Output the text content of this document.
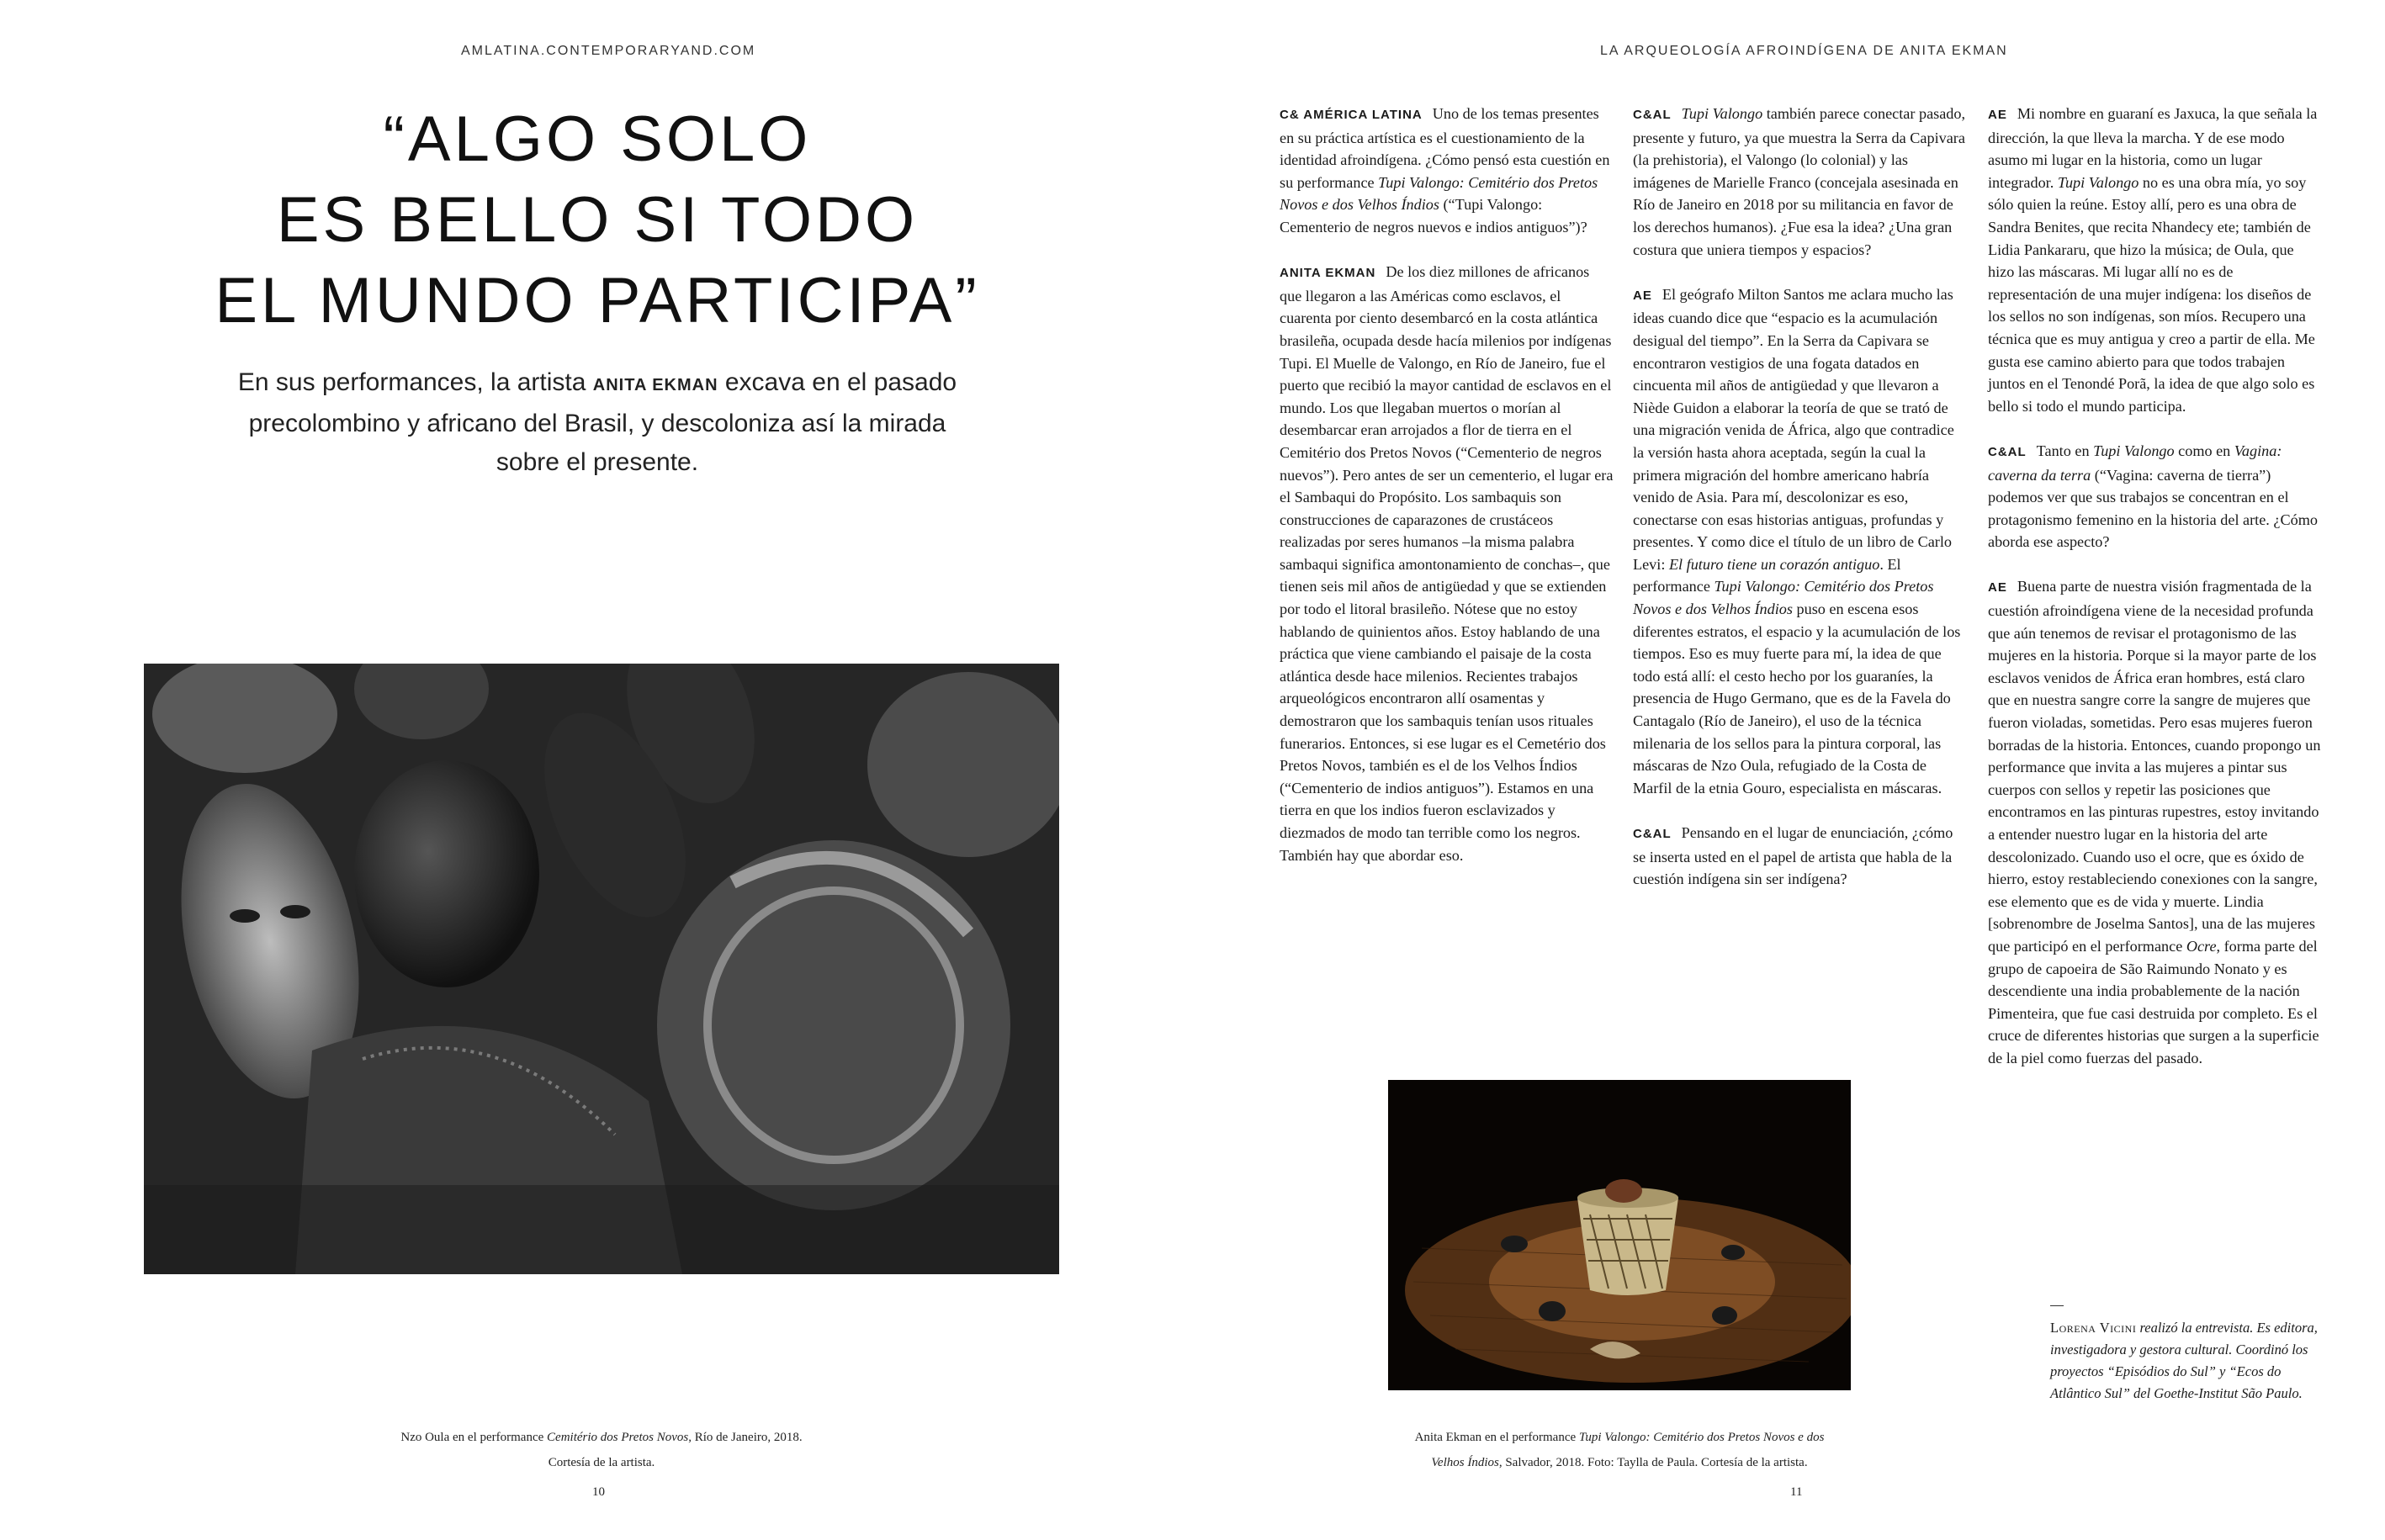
AMLATINA.CONTEMPORARYAND.COM
“ALGO SOLO
ES BELLO SI TODO
EL MUNDO PARTICIPA”

En sus performances, la artista ANITA EKMAN excava en el pasado precolombino y africano del Brasil, y descoloniza así la mirada sobre el presente.

Nzo Oula en el performance Cemitério dos Pretos Novos, Río de Janeiro, 2018.
Cortesía de la artista.
10
LA ARQUEOLOGÍA AFROINDÍGENA DE ANITA EKMAN

C& AMÉRICA LATINA Uno de los temas presentes en su práctica artística es el cuestionamiento de la identidad afroindígena. ¿Cómo pensó esta cuestión en su performance Tupi Valongo: Cemitério dos Pretos Novos e dos Velhos Índios (“Tupi Valongo: Cementerio de negros nuevos e indios antiguos”)?

ANITA EKMAN De los diez millones de africanos que llegaron a las Américas como esclavos, el cuarenta por ciento desembarcó en la costa atlántica brasileña, ocupada desde hacía milenios por indígenas Tupi. El Muelle de Valongo, en Río de Janeiro, fue el puerto que recibió la mayor cantidad de esclavos en el mundo. Los que llegaban muertos o morían al desembarcar eran arrojados a flor de tierra en el Cemitério dos Pretos Novos (“Cementerio de negros nuevos”). Pero antes de ser un cementerio, el lugar era el Sambaqui do Propósito. Los sambaquis son construcciones de caparazones de crustáceos realizadas por seres humanos –la misma palabra sambaqui significa amontonamiento de conchas–, que tienen seis mil años de antigüedad y que se extienden por todo el litoral brasileño. Nótese que no estoy hablando de quinientos años. Estoy hablando de una práctica que viene cambiando el paisaje de la costa atlántica desde hace milenios. Recientes trabajos arqueológicos encontraron allí osamentas y demostraron que los sambaquis tenían usos rituales funerarios. Entonces, si ese lugar es el Cemetério dos Pretos Novos, también es el de los Velhos Índios (“Cementerio de indios antiguos”). Estamos en una tierra en que los indios fueron esclavizados y diezmados de modo tan terrible como los negros. También hay que abordar eso.

C&AL Tupi Valongo también parece conectar pasado, presente y futuro, ya que muestra la Serra da Capivara (la prehistoria), el Valongo (lo colonial) y las imágenes de Marielle Franco (concejala asesinada en Río de Janeiro en 2018 por su militancia en favor de los derechos humanos). ¿Fue esa la idea? ¿Una gran costura que uniera tiempos y espacios?

AE El geógrafo Milton Santos me aclara mucho las ideas cuando dice que “espacio es la acumulación desigual del tiempo”. En la Serra da Capivara se encontraron vestigios de una fogata datados en cincuenta mil años de antigüedad y que llevaron a Niède Guidon a elaborar la teoría de que se trató de una migración venida de África, algo que contradice la versión hasta ahora aceptada, según la cual la primera migración del hombre americano habría venido de Asia. Para mí, descolonizar es eso, conectarse con esas historias antiguas, profundas y presentes. Y como dice el título de un libro de Carlo Levi: El futuro tiene un corazón antiguo. El performance Tupi Valongo: Cemitério dos Pretos Novos e dos Velhos Índios puso en escena esos diferentes estratos, el espacio y la acumulación de los tiempos. Eso es muy fuerte para mí, la idea de que todo está allí: el cesto hecho por los guaraníes, la presencia de Hugo Germano, que es de la Favela do Cantagalo (Río de Janeiro), el uso de la técnica milenaria de los sellos para la pintura corporal, las máscaras de Nzo Oula, refugiado de la Costa de Marfil de la etnia Gouro, especialista en máscaras.

C&AL Pensando en el lugar de enunciación, ¿cómo se inserta usted en el papel de artista que habla de la cuestión indígena sin ser indígena?

AE Mi nombre en guaraní es Jaxuca, la que señala la dirección, la que lleva la marcha. Y de ese modo asumo mi lugar en la historia, como un lugar integrador. Tupi Valongo no es una obra mía, yo soy sólo quien la reúne. Estoy allí, pero es una obra de Sandra Benites, que recita Nhandecy ete; también de Lidia Pankararu, que hizo la música; de Oula, que hizo las máscaras. Mi lugar allí no es de representación de una mujer indígena: los diseños de los sellos no son indígenas, son míos. Recupero una técnica que es muy antigua y creo a partir de ella. Me gusta ese camino abierto para que todos trabajen juntos en el Tenondé Porã, la idea de que algo solo es bello si todo el mundo participa.

C&AL Tanto en Tupi Valongo como en Vagina: caverna da terra (“Vagina: caverna de tierra”) podemos ver que sus trabajos se concentran en el protagonismo femenino en la historia del arte. ¿Cómo aborda ese aspecto?

AE Buena parte de nuestra visión fragmentada de la cuestión afroindígena viene de la necesidad profunda que aún tenemos de revisar el protagonismo de las mujeres en la historia. Porque si la mayor parte de los esclavos venidos de África eran hombres, está claro que en nuestra sangre corre la sangre de mujeres que fueron violadas, sometidas. Pero esas mujeres fueron borradas de la historia. Entonces, cuando propongo un performance que invita a las mujeres a pintar sus cuerpos con sellos y repetir las posiciones que encontramos en las pinturas rupestres, estoy invitando a entender nuestro lugar en la historia del arte descolonizado. Cuando uso el ocre, que es óxido de hierro, estoy restableciendo conexiones con la sangre, ese elemento que es de vida y muerte. Lindia [sobrenombre de Joselma Santos], una de las mujeres que participó en el performance Ocre, forma parte del grupo de capoeira de São Raimundo Nonato y es descendiente una india probablemente de la nación Pimenteira, que fue casi destruida por completo. Es el cruce de diferentes historias que surgen a la superficie de la piel como fuerzas del pasado.

Anita Ekman en el performance Tupi Valongo: Cemitério dos Pretos Novos e dos
Velhos Índios, Salvador, 2018. Foto: Taylla de Paula. Cortesía de la artista.
11
Lorena Vicini realizó la entrevista. Es editora, investigadora y gestora cultural. Coordinó los proyectos “Episódios do Sul” y “Ecos do Atlântico Sul” del Goethe-Institut São Paulo.
